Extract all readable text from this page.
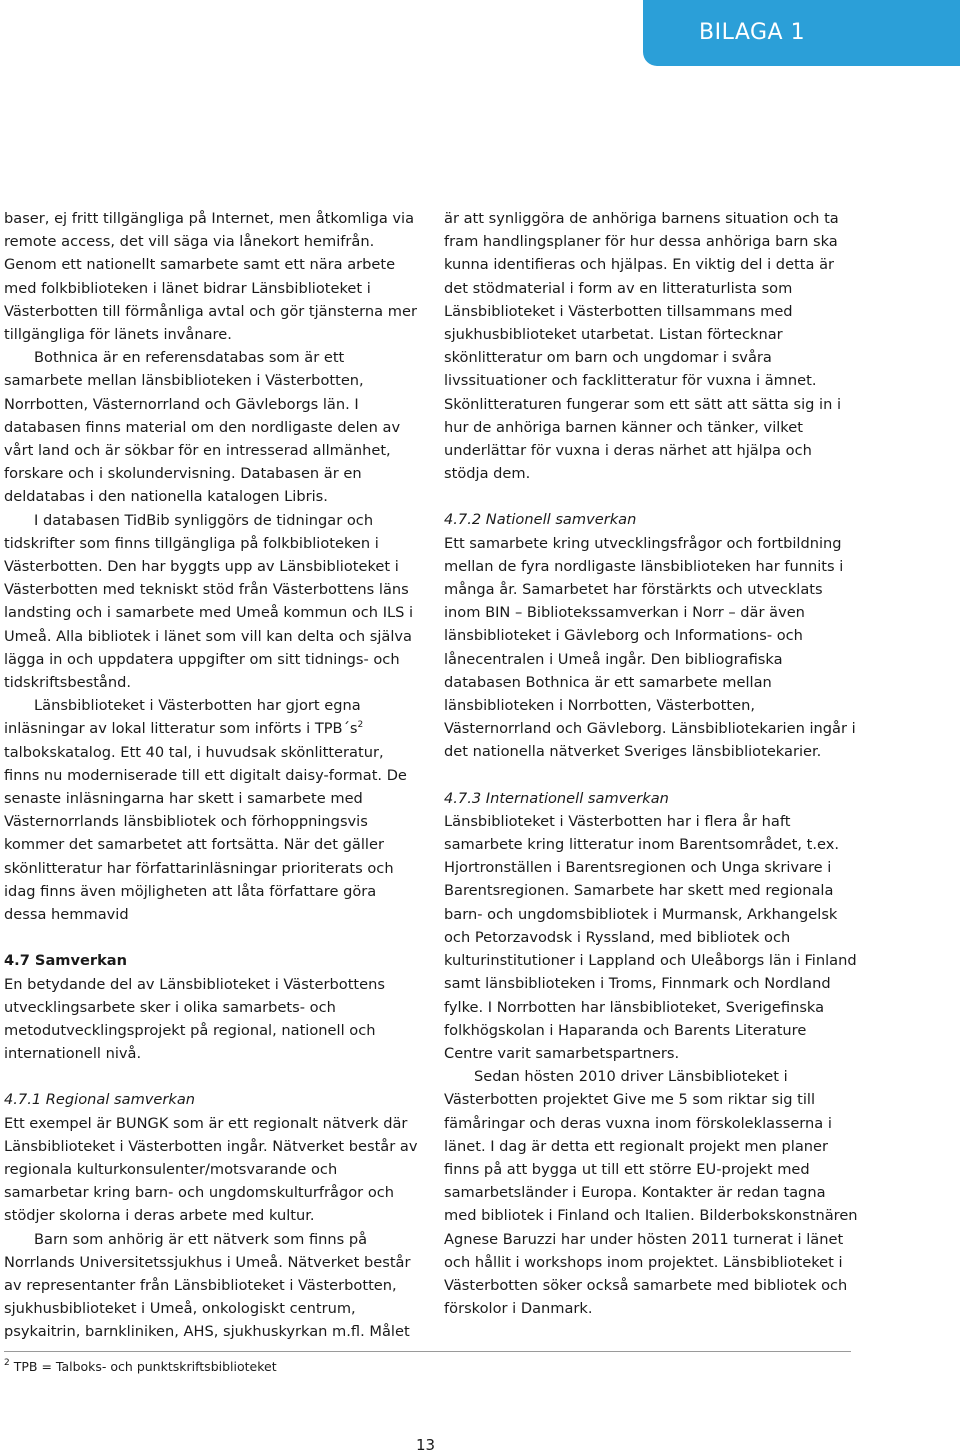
BILAGA 1

baser, ej fritt tillgängliga på Internet, men åtkomliga via remote access, det vill säga via lånekort hemifrån. Genom ett nationellt samarbete samt ett nära arbete med folkbiblioteken i länet bidrar Länsbiblioteket i Västerbotten till förmånliga avtal och gör tjänsterna mer tillgängliga för länets invånare.

Bothnica är en referensdatabas som är ett samarbete mellan länsbiblioteken i Västerbotten, Norrbotten, Västernorrland och Gävleborgs län. I databasen finns material om den nordligaste delen av vårt land och är sökbar för en intresserad allmänhet, forskare och i skolundervisning. Databasen är en deldatabas i den nationella katalogen Libris.

I databasen TidBib synliggörs de tidningar och tidskrifter som finns tillgängliga på folkbiblioteken i Västerbotten. Den har byggts upp av Länsbiblioteket i Västerbotten med tekniskt stöd från Västerbottens läns landsting och i samarbete med Umeå kommun och ILS i Umeå. Alla bibliotek i länet som vill kan delta och själva lägga in och uppdatera uppgifter om sitt tidnings- och tidskriftsbestånd.

Länsbiblioteket i Västerbotten har gjort egna inläsningar av lokal litteratur som införts i $TPB´s^2$ talbokskatalog. Ett 40 tal, i huvudsak skönlitteratur, finns nu moderniserade till ett digitalt daisy-format. De senaste inläsningarna har skett i samarbete med Västernorrlands länsbibliotek och förhoppningsvis kommer det samarbetet att fortsätta. När det gäller skönlitteratur har författarinläsningar prioriterats och idag finns även möjligheten att låta författare göra dessa hemmavid

4.7 Samverkan

En betydande del av Länsbiblioteket i Västerbottens utvecklingsarbete sker i olika samarbets- och metodutvecklingsprojekt på regional, nationell och internationell nivå.

4.7.1 Regional samverkan

Ett exempel är BUNGK som är ett regionalt nätverk där Länsbiblioteket i Västerbotten ingår. Nätverket består av regionala kulturkonsulenter/motsvarande och samarbetar kring barn- och ungdomskulturfrågor och stödjer skolorna i deras arbete med kultur.

Barn som anhörig är ett nätverk som finns på Norrlands Universitetssjukhus i Umeå. Nätverket består av representanter från Länsbiblioteket i Västerbotten, sjukhusbiblioteket i Umeå, onkologiskt centrum, psykaitrin, barnkliniken, AHS, sjukhuskyrkan m.fl. Målet

är att synliggöra de anhöriga barnens situation och ta fram handlingsplaner för hur dessa anhöriga barn ska kunna identifieras och hjälpas. En viktig del i detta är det stödmaterial i form av en litteraturlista som Länsbiblioteket i Västerbotten tillsammans med sjukhusbiblioteket utarbetat. Listan förtecknar skönlitteratur om barn och ungdomar i svåra livssituationer och facklitteratur för vuxna i ämnet. Skönlitteraturen fungerar som ett sätt att sätta sig in i hur de anhöriga barnen känner och tänker, vilket underlättar för vuxna i deras närhet att hjälpa och stödja dem.

4.7.2 Nationell samverkan

Ett samarbete kring utvecklingsfrågor och fortbildning mellan de fyra nordligaste länsbiblioteken har funnits i många år. Samarbetet har förstärkts och utvecklats inom BIN – Bibliotekssamverkan i Norr – där även länsbiblioteket i Gävleborg och Informations- och lånecentralen i Umeå ingår. Den bibliografiska databasen Bothnica är ett samarbete mellan länsbiblioteken i Norrbotten, Västerbotten, Västernorrland och Gävleborg. Länsbibliotekarien ingår i det nationella nätverket Sveriges länsbibliotekarier.

4.7.3 Internationell samverkan

Länsbiblioteket i Västerbotten har i flera år haft samarbete kring litteratur inom Barentsområdet, t.ex. Hjortronställen i Barentsregionen och Unga skrivare i Barentsregionen. Samarbete har skett med regionala barn- och ungdomsbibliotek i Murmansk, Arkhangelsk och Petorzavodsk i Ryssland, med bibliotek och kulturinstitutioner i Lappland och Uleåborgs län i Finland samt länsbiblioteken i Troms, Finnmark och Nordland fylke. I Norrbotten har länsbiblioteket, Sverigefinska folkhögskolan i Haparanda och Barents Literature Centre varit samarbetspartners.

Sedan hösten 2010 driver Länsbiblioteket i Västerbotten projektet Give me 5 som riktar sig till fämåringar och deras vuxna inom förskoleklasserna i länet. I dag är detta ett regionalt projekt men planer finns på att bygga ut till ett större EU-projekt med samarbetsländer i Europa. Kontakter är redan tagna med bibliotek i Finland och Italien. Bilderbokskonstnären Agnese Baruzzi har under hösten 2011 turnerat i länet och hållit i workshops inom projektet. Länsbiblioteket i Västerbotten söker också samarbete med bibliotek och förskolor i Danmark.

$^2$ TPB = Talboks- och punktskriftsbiblioteket
13
